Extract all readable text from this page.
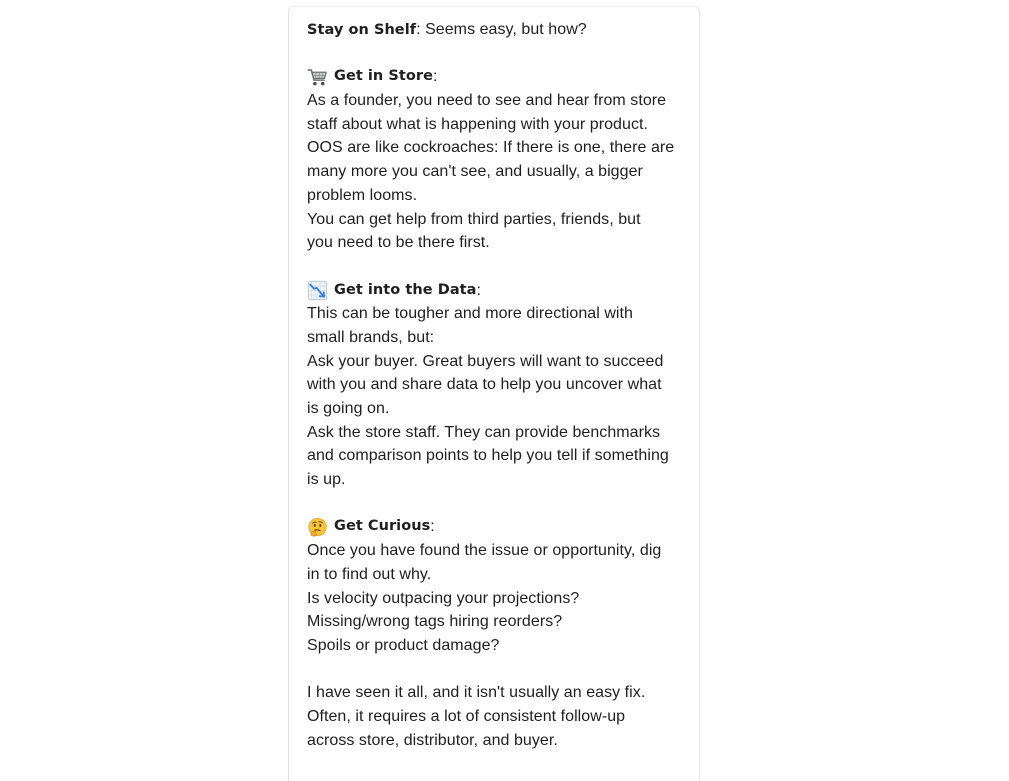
Stay on Shelf: Seems easy, but how?
Get in Store :
As a founder, you need to see and hear from store
staff about what is happening with your product.
OOS are like cockroaches: If there is one, there are
many more you can't see, and usually, a bigger
problem looms.
You can get help from third parties, friends, but
you need to be there first.
Get into the Data :
This can be tougher and more directional with
small brands, but:
Ask your buyer. Great buyers will want to succeed
with you and share data to help you uncover what
is going on.
Ask the store staff. They can provide benchmarks
and comparison points to help you tell if something
is up.
Get Curious :
Once you have found the issue or opportunity, dig
in to find out why.
Is velocity outpacing your projections?
Missing/wrong tags hiring reorders?
Spoils or product damage?
I have seen it all, and it isn't usually an easy fix.
Often, it requires a lot of consistent follow-up
across store, distributor, and buyer.
